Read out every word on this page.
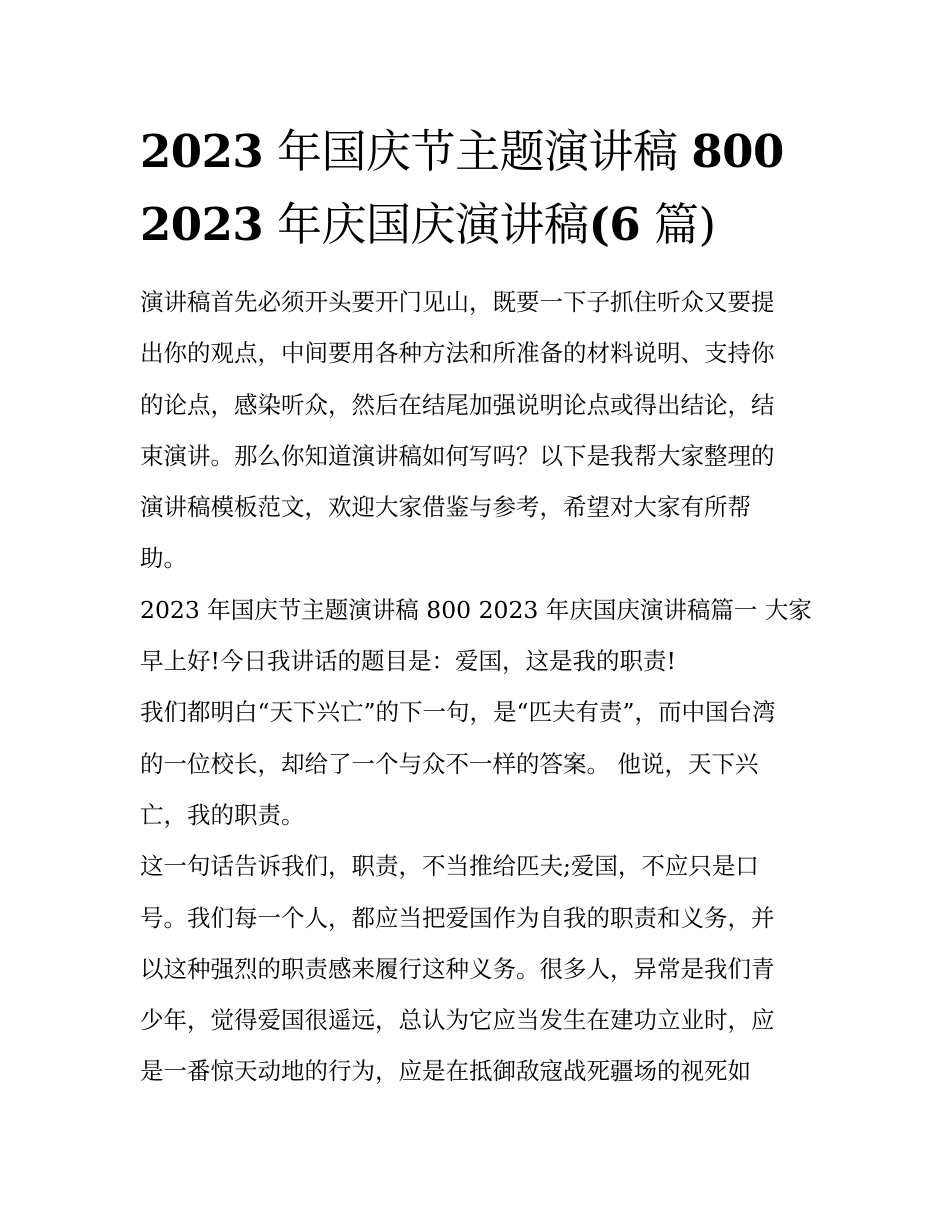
2023 年国庆节主题演讲稿 800
2023 年庆国庆演讲稿(6 篇)
演讲稿首先必须开头要开门见山，既要一下子抓住听众又要提
出你的观点，中间要用各种方法和所准备的材料说明、支持你
的论点，感染听众，然后在结尾加强说明论点或得出结论，结
束演讲。那么你知道演讲稿如何写吗？以下是我帮大家整理的
演讲稿模板范文，欢迎大家借鉴与参考，希望对大家有所帮
助。
2023 年国庆节主题演讲稿 800 2023 年庆国庆演讲稿篇一 大家
早上好!今日我讲话的题目是：爱国，这是我的职责!
我们都明白“天下兴亡”的下一句，是“匹夫有责”，而中国台湾
的一位校长，却给了一个与众不一样的答案。 他说，天下兴
亡，我的职责。
这一句话告诉我们，职责，不当推给匹夫;爱国，不应只是口
号。我们每一个人，都应当把爱国作为自我的职责和义务，并
以这种强烈的职责感来履行这种义务。很多人，异常是我们青
少年，觉得爱国很遥远，总认为它应当发生在建功立业时，应
是一番惊天动地的行为，应是在抵御敌寇战死疆场的视死如
